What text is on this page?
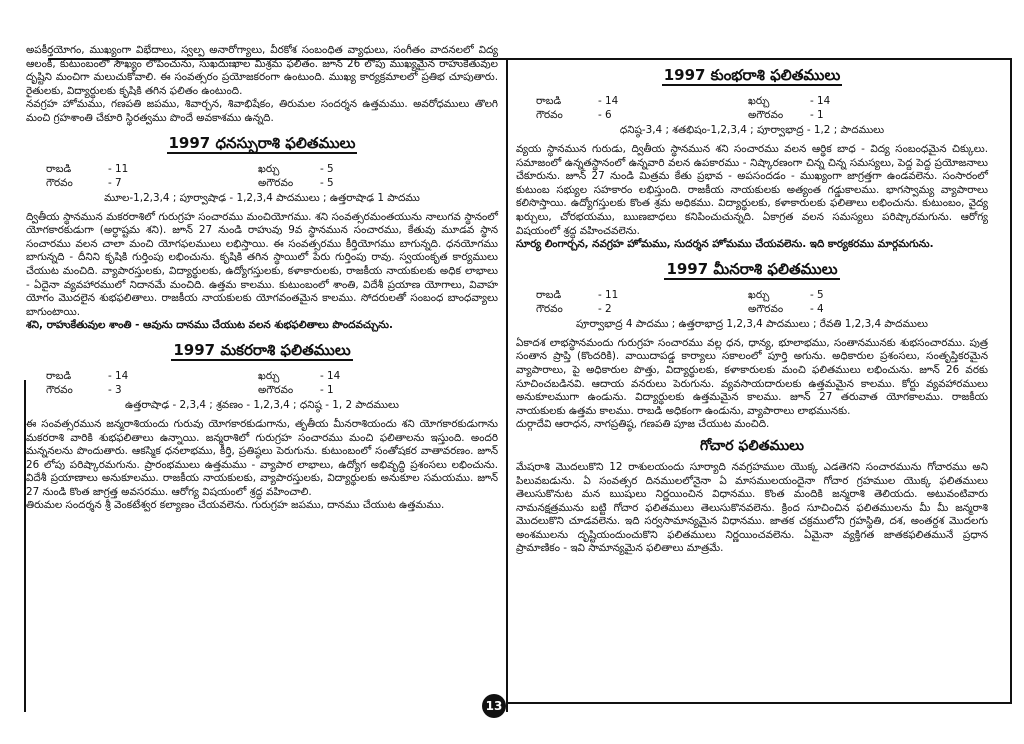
అపకీర్తయోగం, ముఖ్యంగా విభేదాలు, స్వల్ప అనారోగ్యాలు, వీరకోశ సంబంధిత వ్యాధులు, సంగీతం వాదనలలో విద్య ఆలంకి, కుటుంబంలో సౌఖ్యం లోపించును, సుఖదుఃఖాల మిశ్రమ ఫలితం. జూన్ 26 లోపు ముఖ్యమైన రాహుకేతువుల దృష్టిని మంచిగా మలుచుకోవాలి. ఈ సంవత్సరం ప్రయోజకరంగా ఉంటుంది. ముఖ్య కార్యక్రమాలలో ప్రతిభ చూపుతారు. రైతులకు, విద్యార్థులకు కృషికి తగిన ఫలితం ఉంటుంది.

నవగ్రహ హోమము, గణపతి జపము, శివార్చన, శివాభిషేకం, తిరుమల సందర్శన ఉత్తమము. అవరోధములు తొలగి మంచి గ్రహశాంతి చేకూరి స్థిరత్వము పొందే అవకాశము ఉన్నది.

1997 ధనస్సురాశి ఫలితములు
రాబడి	- 11	ఖర్చు	- 5
గౌరవం	- 7	అగౌరవం	- 5
మూల-1,2,3,4 ; పూర్వాషాఢ - 1,2,3,4 పాదములు ; ఉత్తరాషాఢ 1 పాదము

ద్వితీయ స్థానమున మకరరాశిలో గురుగ్రహ సంచారము మంచియోగము. శని సంవత్సరమంతయును నాలుగవ స్థానంలో యోగకారకుడుగా (అర్ధాష్టమ శని). జూన్ 27 నుండి రాహువు 9వ స్థానమున సంచారము, కేతువు మూడవ స్థాన సంచారము వలన చాలా మంచి యోగఫలములు లభిస్తాయి. ఈ సంవత్సరము కీర్తియోగము బాగున్నది. ధనయోగము బాగున్నది - దీనిని కృషికి గుర్తింపు లభించును. కృషికి తగిన స్థాయిలో పేరు గుర్తింపు రావు. స్వయంకృత కార్యములు చేయుట మంచిది. వ్యాపారస్తులకు, విద్యార్థులకు, ఉద్యోగస్తులకు, కళాకారులకు, రాజకీయ నాయకులకు అధిక లాభాలు - ఏదైనా వ్యవహారములో నిదానమే మంచిది. ఉత్తమ కాలము. కుటుంబంలో శాంతి, విదేశీ ప్రయాణ యోగాలు, వివాహ యోగం మొదలైన శుభఫలితాలు. రాజకీయ నాయకులకు యోగవంతమైన కాలము. సోదరులతో సంబంధ బాంధవ్యాలు బాగుంటాయి.

శని, రాహుకేతువుల శాంతి - ఆవును దానము చేయుట వలన శుభఫలితాలు పొందవచ్చును.

1997 మకరరాశి ఫలితములు
రాబడి	- 14	ఖర్చు	- 14
గౌరవం	- 3	అగౌరవం	- 1
ఉత్తరాషాఢ - 2,3,4 ; శ్రవణం - 1,2,3,4 ; ధనిష్ఠ - 1, 2 పాదములు

ఈ సంవత్సరమున జన్మరాశియందు గురువు యోగకారకుడుగాను, తృతీయ మీనరాశియందు శని యోగకారకుడుగాను మకరరాశి వారికి శుభఫలితాలు ఉన్నాయి. జన్మరాశిలో గురుగ్రహ సంచారము మంచి ఫలితాలను ఇస్తుంది. అందరి మన్ననలను పొందుతారు. ఆకస్మిక ధనలాభము, కీర్తి, ప్రతిష్ఠలు పెరుగును. కుటుంబంలో సంతోషకర వాతావరణం. జూన్ 26 లోపు పరిష్కారమగును. ప్రారంభములు ఉత్తమము - వ్యాపార లాభాలు, ఉద్యోగ అభివృద్ధి ప్రశంసలు లభించును. విదేశీ ప్రయాణాలు అనుకూలము. రాజకీయ నాయకులకు, వ్యాపారస్తులకు, విద్యార్థులకు అనుకూల సమయము. జూన్ 27 నుండి కొంత జాగ్రత్త అవసరము. ఆరోగ్య విషయంలో శ్రద్ధ వహించాలి.

తిరుమల సందర్శన శ్రీ వెంకటేశ్వర కల్యాణం చేయవలెను. గురుగ్రహ జపము, దానము చేయుట ఉత్తమము.

1997 కుంభరాశి ఫలితములు
రాబడి	- 14	ఖర్చు	- 14
గౌరవం	- 6	అగౌరవం	- 1
ధనిష్ఠ-3,4 ; శతభిషం-1,2,3,4 ; పూర్వాభాద్ర - 1,2 ; పాదములు

వ్యయ స్థానమున గురుడు, ద్వితీయ స్థానమున శని సంచారము వలన ఆర్థిక బాధ - విద్య సంబంధమైన చిక్కులు. సమాజంలో ఉన్నతస్థానంలో ఉన్నవారి వలన ఉపకారము - నిష్కారణంగా చిన్న చిన్న సమస్యలు, పెద్ద పెద్ద ప్రయోజనాలు చేకూరును. జూన్ 27 నుండి మిత్రమ కేతు ప్రభావ - అపసందడం - ముఖ్యంగా జాగ్రత్తగా ఉండవలెను. సంసారంలో కుటుంబ సభ్యుల సహకారం లభిస్తుంది. రాజకీయ నాయకులకు అత్యంత గడ్డుకాలము. భాగస్వామ్య వ్యాపారాలు కలిసొస్తాయి. ఉద్యోగస్తులకు కొంత శ్రమ అధికము. విద్యార్థులకు, కళాకారులకు ఫలితాలు లభించును. కుటుంబం, వైద్య ఖర్చులు, చోరభయము, ఋణబాధలు కనిపించుచున్నది. ఏకాగ్రత వలన సమస్యలు పరిష్కారమగును. ఆరోగ్య విషయంలో శ్రద్ధ వహించవలెను.

సూర్య లింగార్చన, నవగ్రహ హోమము, సుదర్శన హోమము చేయవలెను. ఇది కార్యకరము మార్గమగును.

1997 మీనరాశి ఫలితములు
రాబడి	- 11	ఖర్చు	- 5
గౌరవం	- 2	అగౌరవం	- 4
పూర్వాభాద్ర 4 పాదము ; ఉత్తరాభాద్ర 1,2,3,4 పాదములు ; రేవతి 1,2,3,4 పాదములు

ఏకాదశ లాభస్థానమందు గురుగ్రహ సంచారము వల్ల ధన, ధాన్య, భూలాభము, సంతానమునకు శుభసంచారము. పుత్ర సంతాన ప్రాప్తి (కొందరికి). వాయిదాపడ్డ కార్యాలు సకాలంలో పూర్తి అగును. అధికారుల ప్రశంసలు, సంతృప్తికరమైన వ్యాపారాలు, పై అధికారుల పొత్తు, విద్యార్థులకు, కళాకారులకు మంచి ఫలితములు లభించును. జూన్ 26 వరకు సూచించబడినవి. ఆదాయ వనరులు పెరుగును. వ్యవసాయదారులకు ఉత్తమమైన కాలము. కోర్టు వ్యవహారములు అనుకూలముగా ఉండును. విద్యార్థులకు ఉత్తమమైన కాలము. జూన్ 27 తరువాత యోగకాలము. రాజకీయ నాయకులకు ఉత్తమ కాలము. రాబడి అధికంగా ఉండును, వ్యాపారాలు లాభమునకు.

దుర్గాదేవి ఆరాధన, నాగప్రతిష్ఠ, గణపతి పూజ చేయుట మంచిది.

గోచార ఫలితములు

మేషరాశి మొదలుకొని 12 రాశులయందు సూర్యాది నవగ్రహముల యొక్క ఎడతెగని సంచారమును గోచారము అని పిలువబడును. ఏ సంవత్సర దినములలోనైనా ఏ మాసములయందైనా గోచార గ్రహముల యొక్క ఫలితములు తెలుసుకొనుట మన ఋషులు నిర్ణయించిన విధానము. కొంత మందికి జన్మరాశి తెలియదు. అటువంటివారు నామనక్షత్రమును బట్టి గోచార ఫలితములు తెలుసుకొనవలెను. క్రింద సూచించిన ఫలితములను మీ మీ జన్మరాశి మొదలుకొని చూడవలెను. ఇది సర్వసామాన్యమైన విధానము. జాతక చక్రములోని గ్రహస్థితి, దశ, అంతర్దశ మొదలగు అంశములను దృష్టియందుంచుకొని ఫలితములు నిర్ణయించవలెను. ఏమైనా వ్యక్తిగత జాతకఫలితమునే ప్రధాన ప్రామాణికం - ఇవి సామాన్యమైన ఫలితాలు మాత్రమే.

13
